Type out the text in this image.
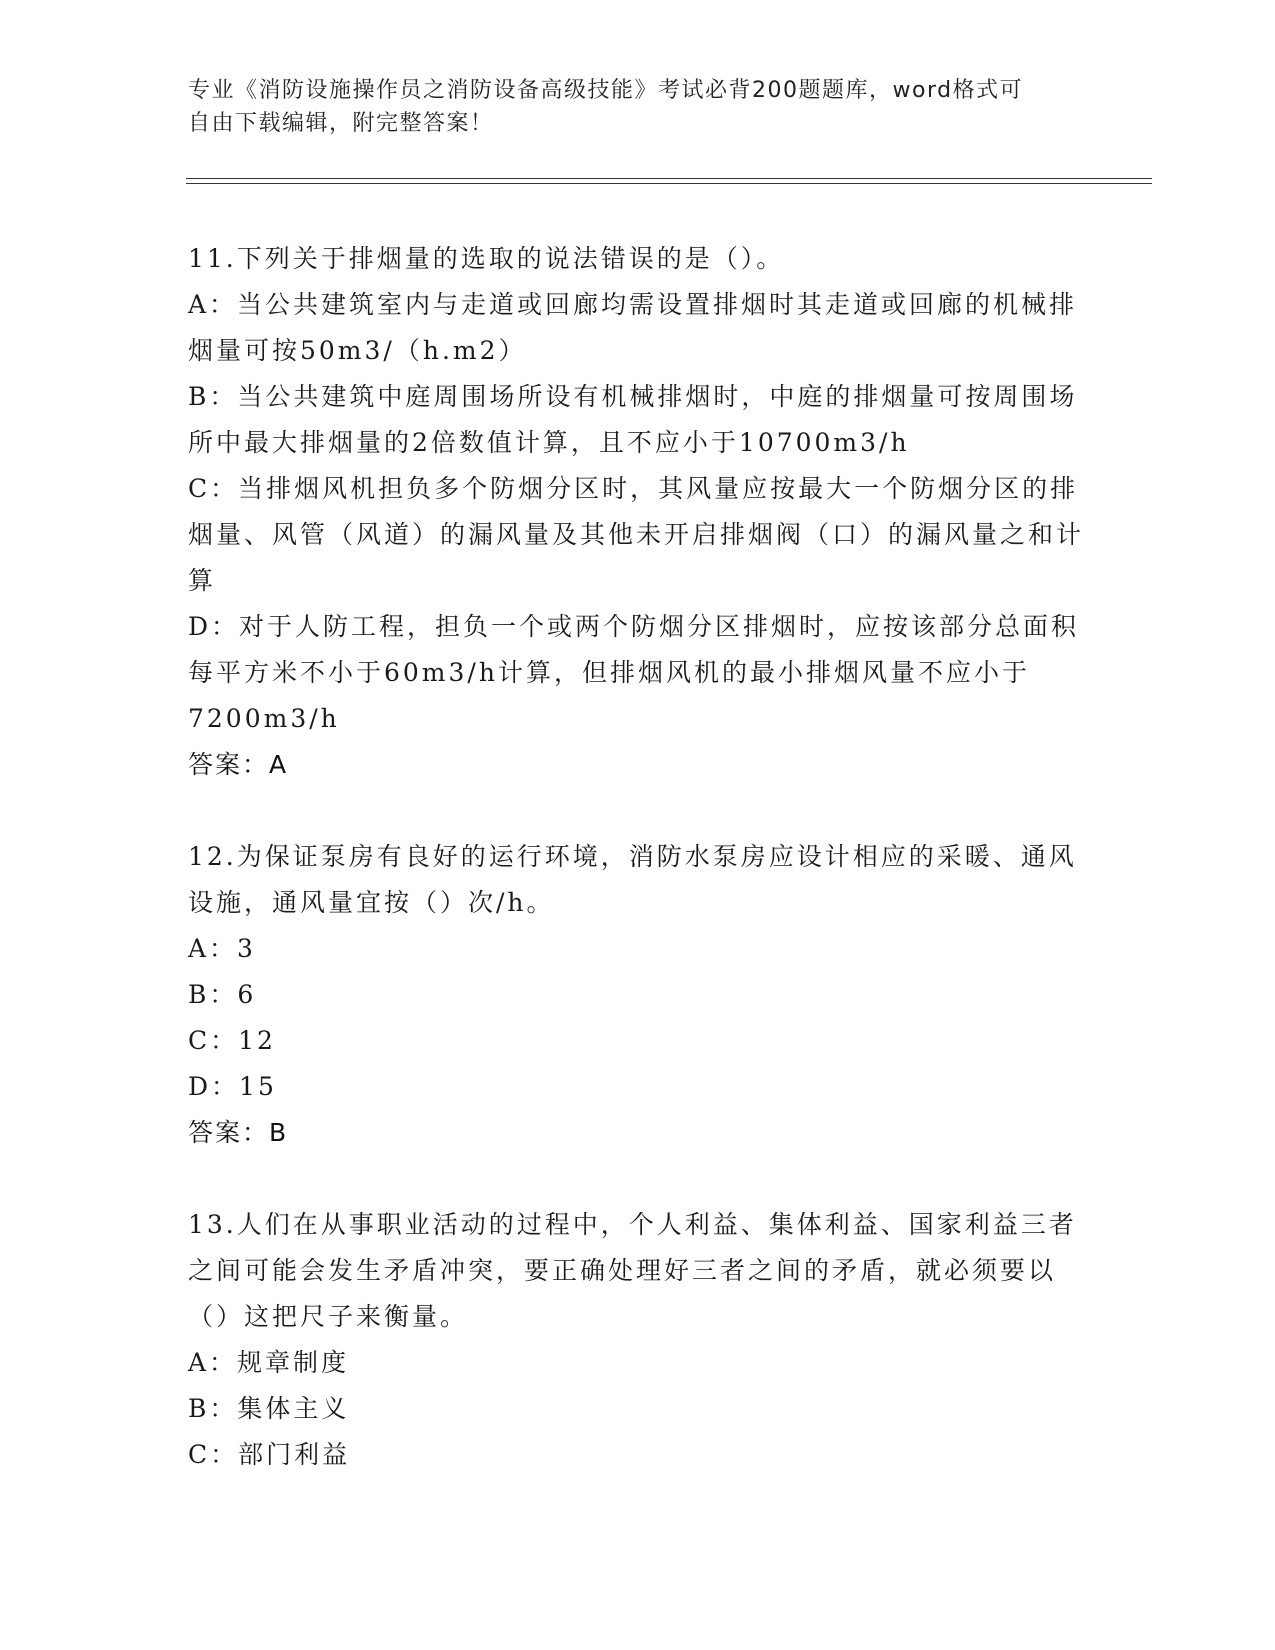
专业《消防设施操作员之消防设备高级技能》考试必背200题题库，word格式可
自由下载编辑，附完整答案！
11.下列关于排烟量的选取的说法错误的是（）。
A：当公共建筑室内与走道或回廊均需设置排烟时其走道或回廊的机械排烟量可按50m3/（h.m2）
B：当公共建筑中庭周围场所设有机械排烟时，中庭的排烟量可按周围场所中最大排烟量的2倍数值计算，且不应小于10700m3/h
C：当排烟风机担负多个防烟分区时，其风量应按最大一个防烟分区的排烟量、风管（风道）的漏风量及其他未开启排烟阀（口）的漏风量之和计算
D：对于人防工程，担负一个或两个防烟分区排烟时，应按该部分总面积每平方米不小于60m3/h计算，但排烟风机的最小排烟风量不应小于7200m3/h
答案：A
12.为保证泵房有良好的运行环境，消防水泵房应设计相应的采暖、通风设施，通风量宜按（）次/h。
A：3
B：6
C：12
D：15
答案：B
13.人们在从事职业活动的过程中，个人利益、集体利益、国家利益三者之间可能会发生矛盾冲突，要正确处理好三者之间的矛盾，就必须要以（）这把尺子来衡量。
A：规章制度
B：集体主义
C：部门利益
